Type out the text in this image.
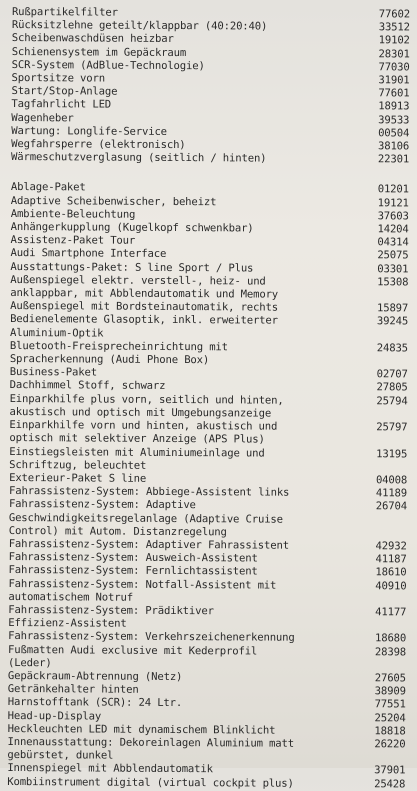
Rußpartikelfilter	77602
Rücksitzlehne geteilt/klappbar (40:20:40)	33512
Scheibenwaschdüsen heizbar	19102
Schienensystem im Gepäckraum	28301
SCR-System (AdBlue-Technologie)	77030
Sportsitze vorn	31901
Start/Stop-Anlage	77601
Tagfahrlicht LED	18913
Wagenheber	39533
Wartung: Longlife-Service	00504
Wegfahrsperre (elektronisch)	38106
Wärmeschutzverglasung (seitlich / hinten)	22301
Ablage-Paket	01201
Adaptive Scheibenwischer, beheizt	19121
Ambiente-Beleuchtung	37603
Anhängerkupplung (Kugelkopf schwenkbar)	14204
Assistenz-Paket Tour	04314
Audi Smartphone Interface	25075
Ausstattungs-Paket: S line Sport / Plus	03301
Außenspiegel elektr. verstell-, heiz- und
anklappbar, mit Abblendautomatik und Memory
15308
Außenspiegel mit Bordsteinautomatik, rechts	15897
Bedienelemente Glasoptik, inkl. erweiterter
Aluminium-Optik
39245
Bluetooth-Freisprecheinrichtung mit
Spracherkennung (Audi Phone Box)
24835
Business-Paket	02707
Dachhimmel Stoff, schwarz	27805
Einparkhilfe plus vorn, seitlich und hinten,
akustisch und optisch mit Umgebungsanzeige
25794
Einparkhilfe vorn und hinten, akustisch und
optisch mit selektiver Anzeige (APS Plus)
25797
Einstiegsleisten mit Aluminiumeinlage und
Schriftzug, beleuchtet
13195
Exterieur-Paket S line	04008
Fahrassistenz-System: Abbiege-Assistent links	41189
Fahrassistenz-System: Adaptive
Geschwindigkeitsregelanlage (Adaptive Cruise
Control) mit Autom. Distanzregelung
26704
Fahrassistenz-System: Adaptiver Fahrassistent	42932
Fahrassistenz-System: Ausweich-Assistent	41187
Fahrassistenz-System: Fernlichtassistent	18610
Fahrassistenz-System: Notfall-Assistent mit
automatischem Notruf
40910
Fahrassistenz-System: Prädiktiver
Effizienz-Assistent
41177
Fahrassistenz-System: Verkehrszeichenerkennung	18680
Fußmatten Audi exclusive mit Kederprofil
(Leder)
28398
Gepäckraum-Abtrennung (Netz)	27605
Getränkehalter hinten	38909
Harnstofftank (SCR): 24 Ltr.	77551
Head-up-Display	25204
Heckleuchten LED mit dynamischem Blinklicht	18818
Innenausstattung: Dekoreinlagen Aluminium matt
gebürstet, dunkel
26220
Innenspiegel mit Abblendautomatik	37901
Kombiinstrument digital (virtual cockpit plus)	25428
